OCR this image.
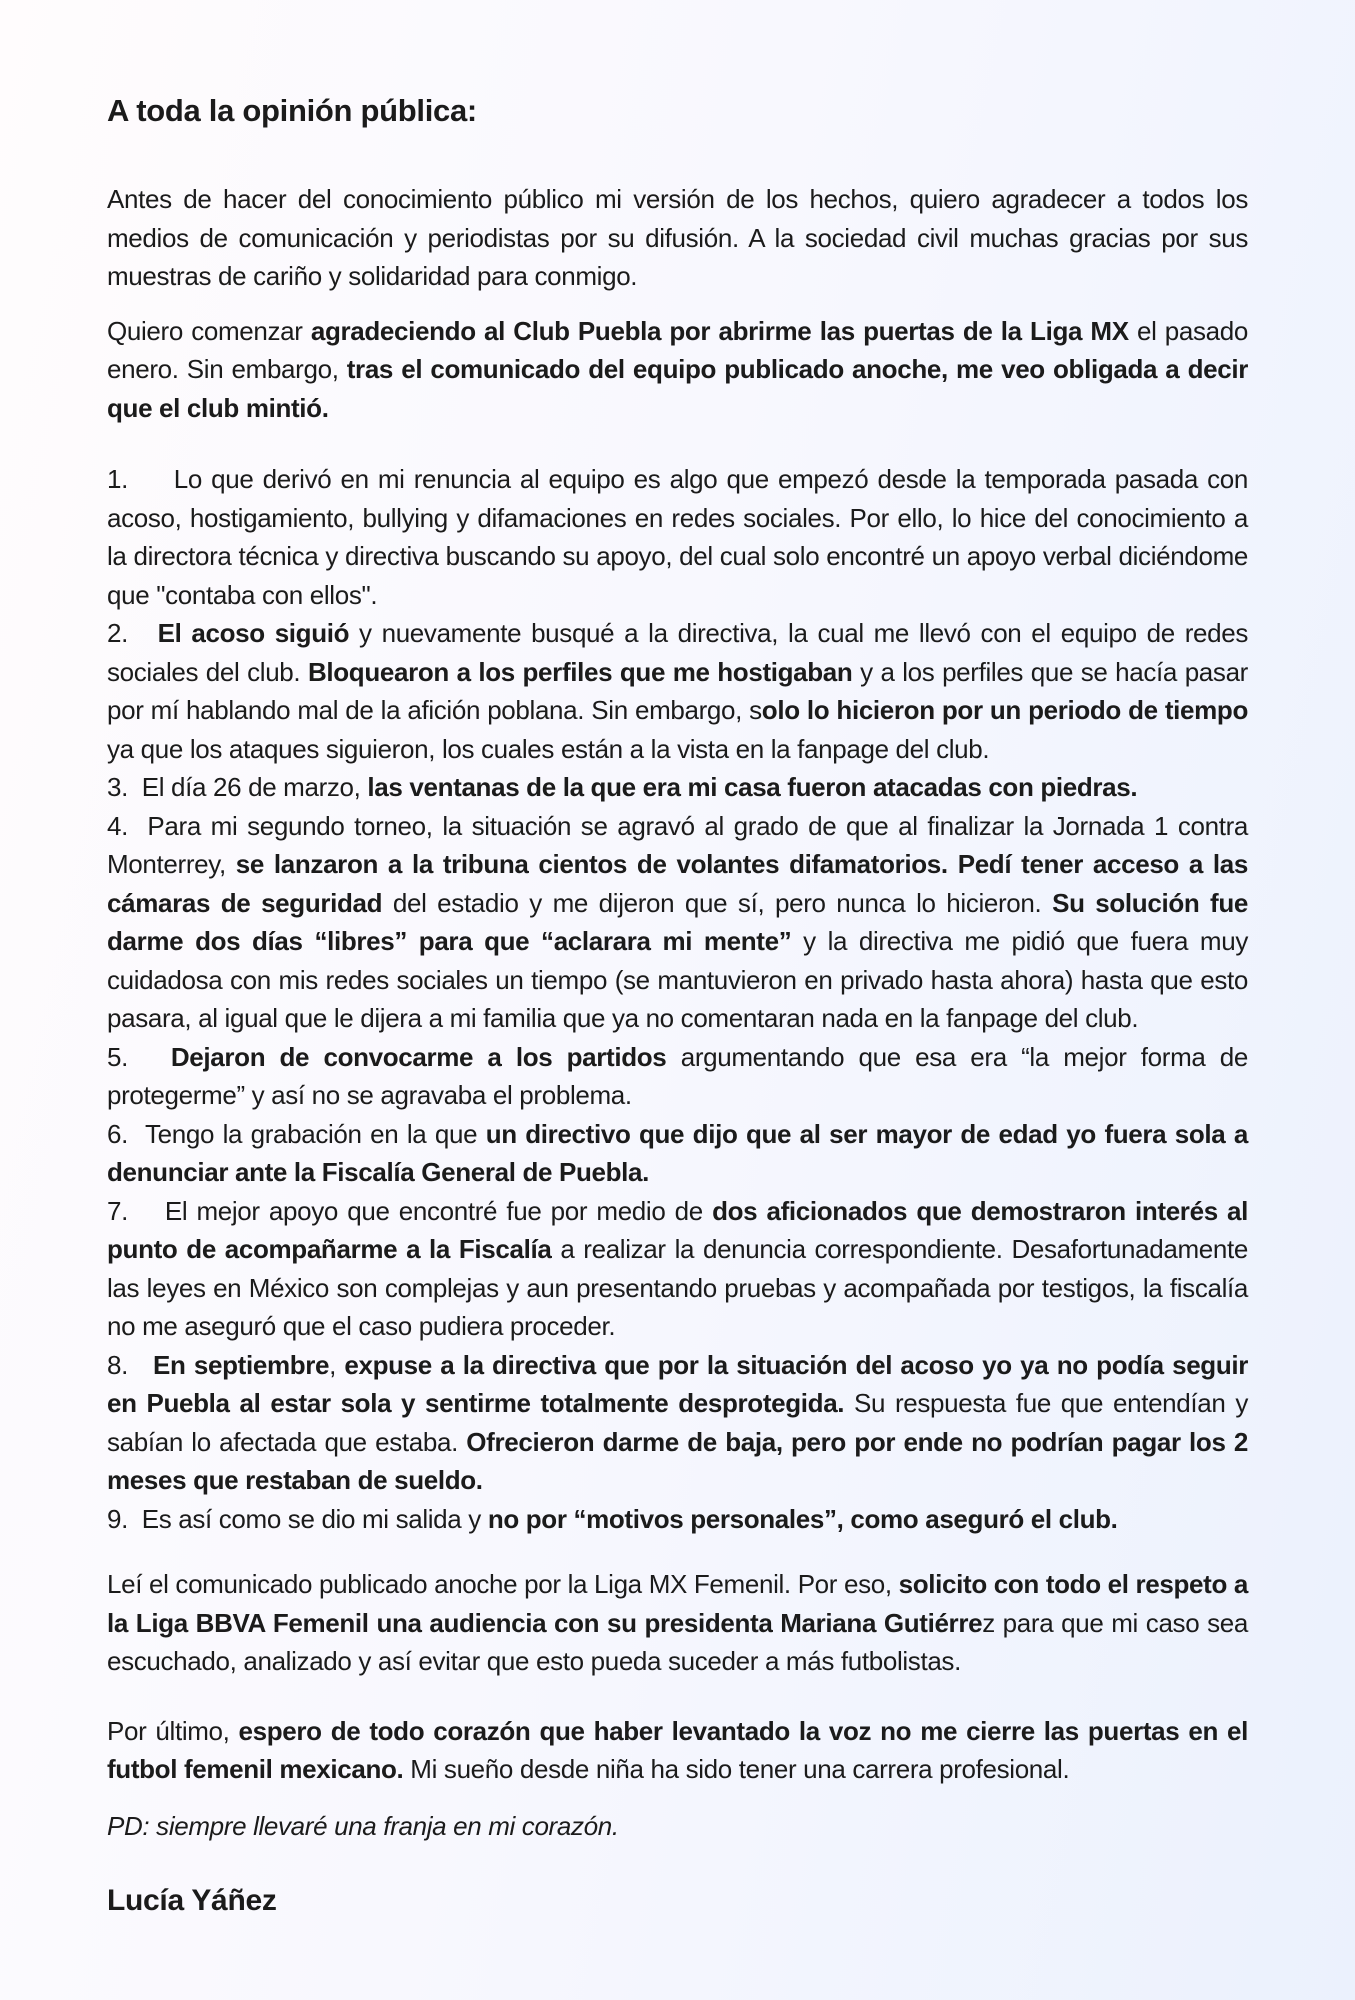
A toda la opinión pública:

Antes de hacer del conocimiento público mi versión de los hechos, quiero agradecer a todos los medios de comunicación y periodistas por su difusión. A la sociedad civil muchas gracias por sus muestras de cariño y solidaridad para conmigo.

Quiero comenzar agradeciendo al Club Puebla por abrirme las puertas de la Liga MX el pasado enero. Sin embargo, tras el comunicado del equipo publicado anoche, me veo obligada a decir que el club mintió.

1.     Lo que derivó en mi renuncia al equipo es algo que empezó desde la temporada pasada con acoso, hostigamiento, bullying y difamaciones en redes sociales. Por ello, lo hice del conocimiento a la directora técnica y directiva buscando su apoyo, del cual solo encontré un apoyo verbal diciéndome que "contaba con ellos".

2.   El acoso siguió y nuevamente busqué a la directiva, la cual me llevó con el equipo de redes sociales del club. Bloquearon a los perfiles que me hostigaban y a los perfiles que se hacía pasar por mí hablando mal de la afición poblana. Sin embargo, solo lo hicieron por un periodo de tiempo ya que los ataques siguieron, los cuales están a la vista en la fanpage del club.

3.  El día 26 de marzo, las ventanas de la que era mi casa fueron atacadas con piedras.

4.  Para mi segundo torneo, la situación se agravó al grado de que al finalizar la Jornada 1 contra Monterrey, se lanzaron a la tribuna cientos de volantes difamatorios. Pedí tener acceso a las cámaras de seguridad del estadio y me dijeron que sí, pero nunca lo hicieron. Su solución fue darme dos días “libres” para que “aclarara mi mente” y la directiva me pidió que fuera muy cuidadosa con mis redes sociales un tiempo (se mantuvieron en privado hasta ahora) hasta que esto pasara, al igual que le dijera a mi familia que ya no comentaran nada en la fanpage del club.

5.   Dejaron de convocarme a los partidos argumentando que esa era “la mejor forma de protegerme” y así no se agravaba el problema.

6.  Tengo la grabación en la que un directivo que dijo que al ser mayor de edad yo fuera sola a denunciar ante la Fiscalía General de Puebla.

7.    El mejor apoyo que encontré fue por medio de dos aficionados que demostraron interés al punto de acompañarme a la Fiscalía a realizar la denuncia correspondiente. Desafortunadamente las leyes en México son complejas y aun presentando pruebas y acompañada por testigos, la fiscalía no me aseguró que el caso pudiera proceder.

8.   En septiembre, expuse a la directiva que por la situación del acoso yo ya no podía seguir en Puebla al estar sola y sentirme totalmente desprotegida. Su respuesta fue que entendían y sabían lo afectada que estaba. Ofrecieron darme de baja, pero por ende no podrían pagar los 2 meses que restaban de sueldo.

9.  Es así como se dio mi salida y no por “motivos personales”, como aseguró el club.

Leí el comunicado publicado anoche por la Liga MX Femenil. Por eso, solicito con todo el respeto a la Liga BBVA Femenil una audiencia con su presidenta Mariana Gutiérrez para que mi caso sea escuchado, analizado y así evitar que esto pueda suceder a más futbolistas.

Por último, espero de todo corazón que haber levantado la voz no me cierre las puertas en el futbol femenil mexicano. Mi sueño desde niña ha sido tener una carrera profesional.

PD: siempre llevaré una franja en mi corazón.

Lucía Yáñez
